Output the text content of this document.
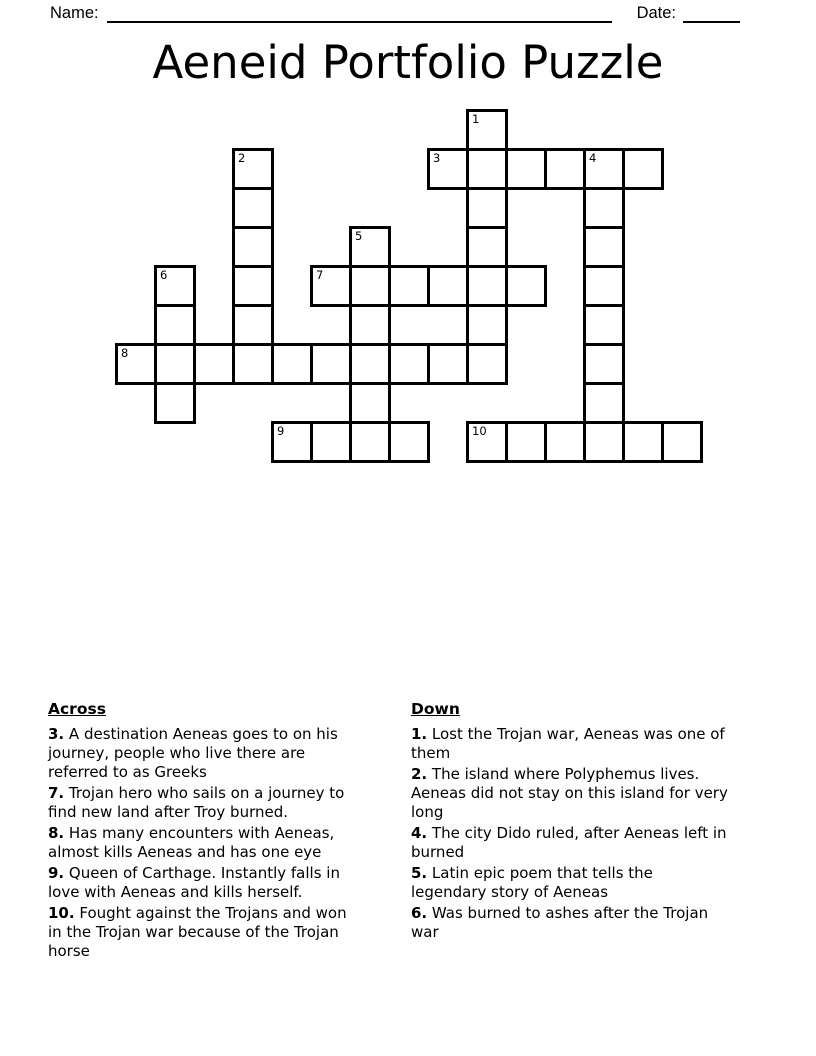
Name:	Date:
Aeneid Portfolio Puzzle
1
2	3	4
5
6	7
8
9	10
Across
3. A destination Aeneas goes to on his journey, people who live there are referred to as Greeks
7. Trojan hero who sails on a journey to find new land after Troy burned.
8. Has many encounters with Aeneas, almost kills Aeneas and has one eye
9. Queen of Carthage. Instantly falls in love with Aeneas and kills herself.
10. Fought against the Trojans and won in the Trojan war because of the Trojan horse
Down
1. Lost the Trojan war, Aeneas was one of them
2. The island where Polyphemus lives. Aeneas did not stay on this island for very long
4. The city Dido ruled, after Aeneas left in burned
5. Latin epic poem that tells the legendary story of Aeneas
6. Was burned to ashes after the Trojan war
